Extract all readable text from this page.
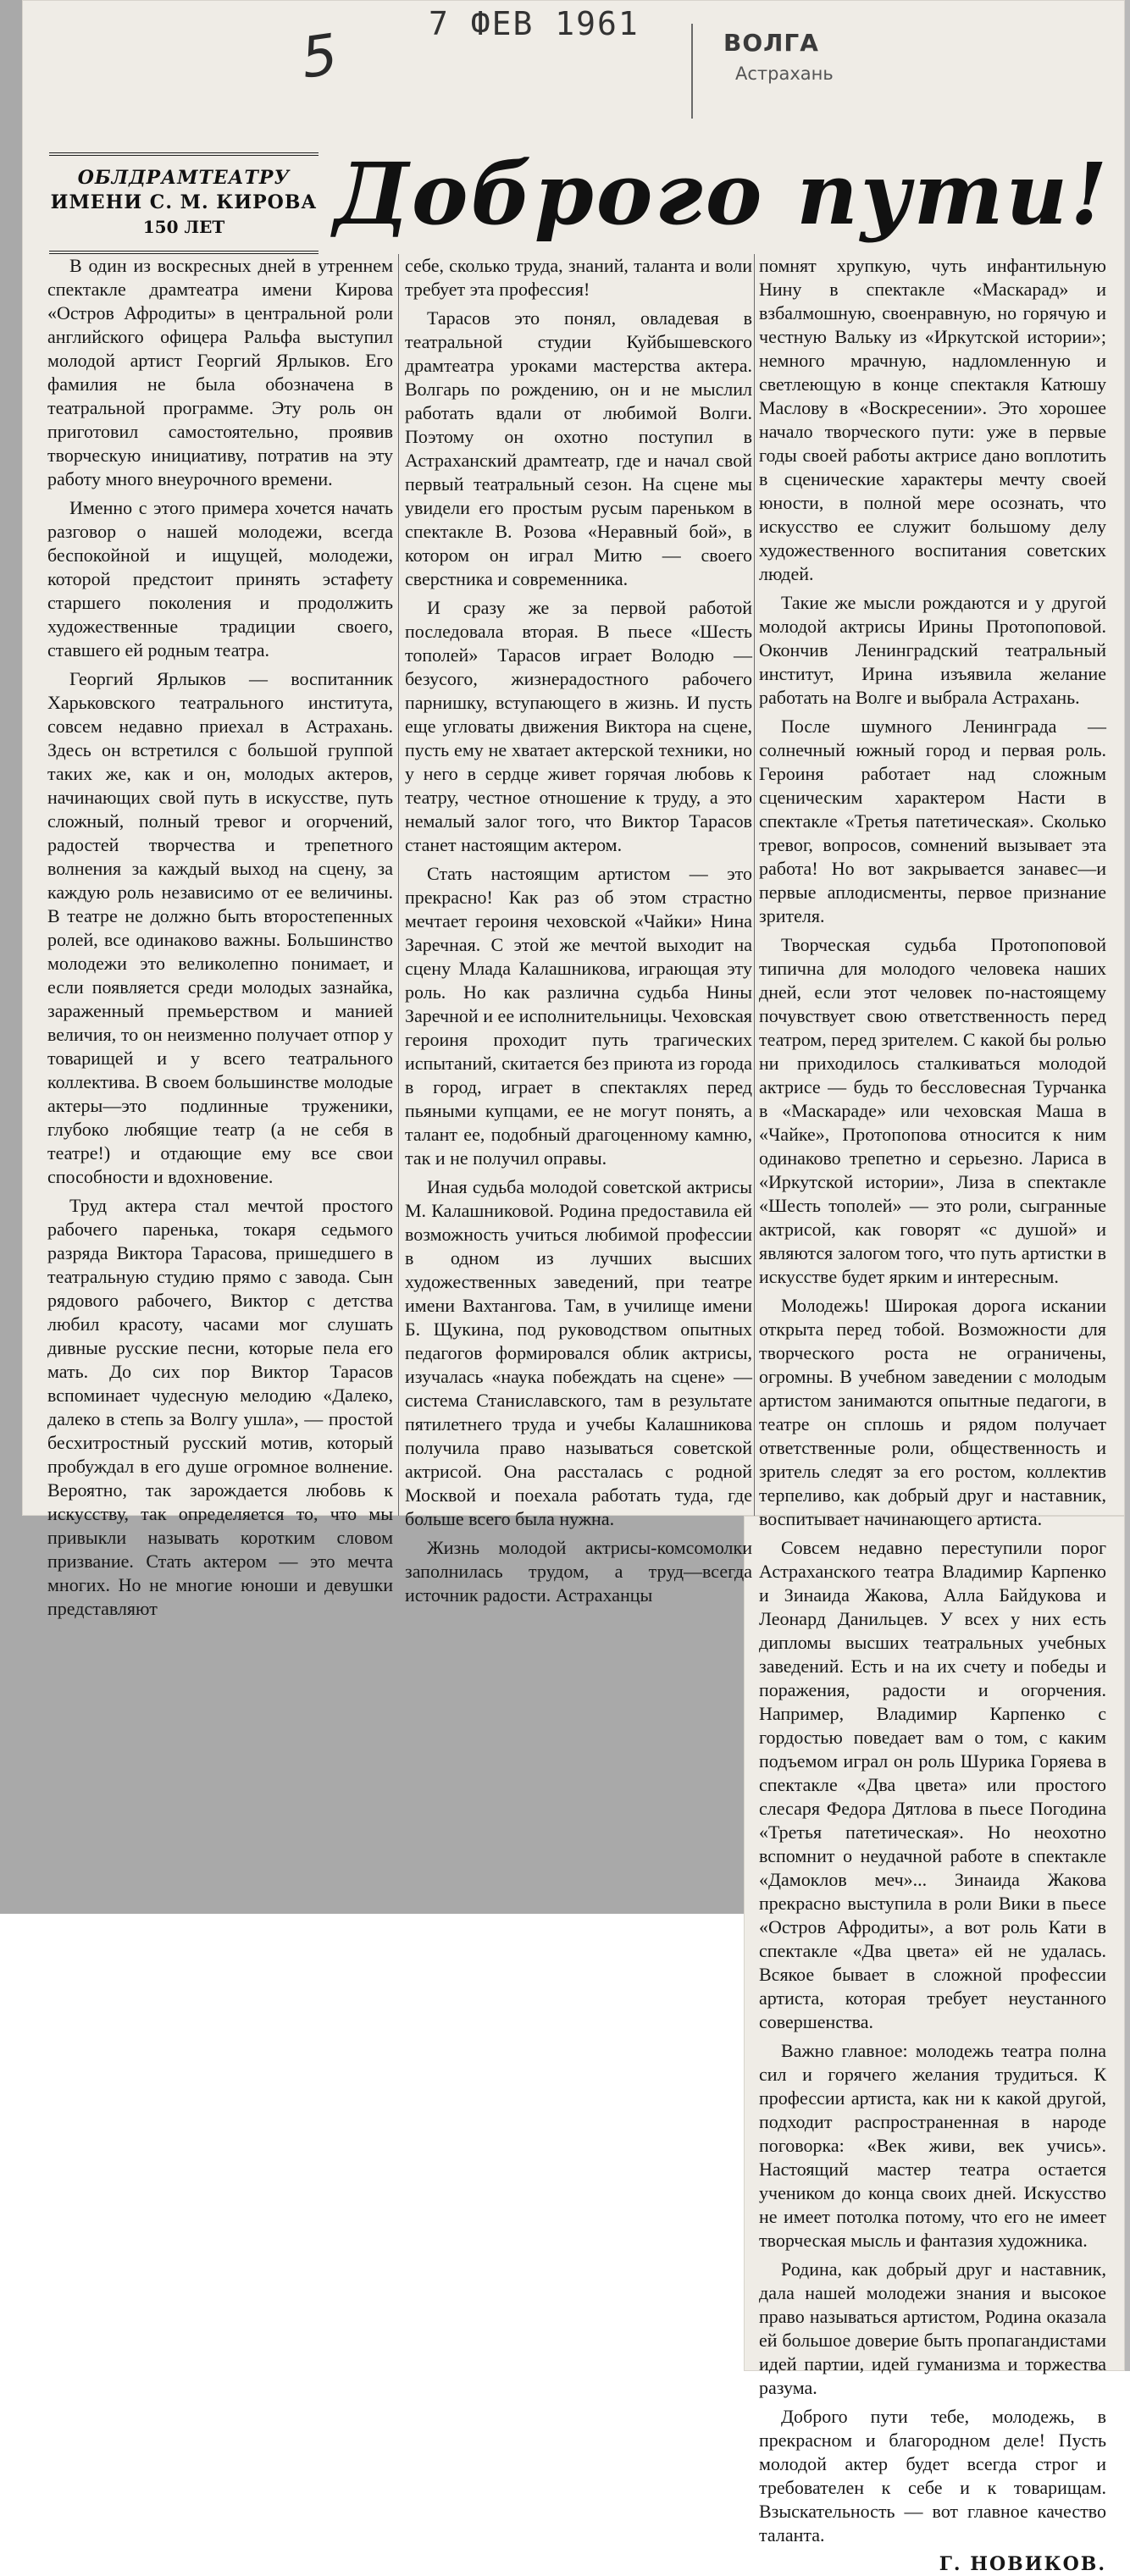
7 ФЕВ 1961
5	ВОЛГА
Астрахань
ОБЛДРАМТЕАТРУ
ИМЕНИ С. М. КИРОВА
150 ЛЕТ	Доброго пути!

В один из воскресных дней в утреннем спектакле драмтеатра имени Кирова «Остров Афродиты» в центральной роли английского офицера Ральфа выступил молодой артист Георгий Ярлыков. Его фамилия не была обозначена в театральной программе. Эту роль он приготовил самостоятельно, проявив творческую инициативу, потратив на эту работу много внеурочного времени.

Именно с этого примера хочется начать разговор о нашей молодежи, всегда беспокойной и ищущей, молодежи, которой предстоит принять эстафету старшего поколения и продолжить художественные традиции своего, ставшего ей родным театра.

Георгий Ярлыков — воспитанник Харьковского театрального института, совсем недавно приехал в Астрахань. Здесь он встретился с большой группой таких же, как и он, молодых актеров, начинающих свой путь в искусстве, путь сложный, полный тревог и огорчений, радостей творчества и трепетного волнения за каждый выход на сцену, за каждую роль независимо от ее величины. В театре не должно быть второстепенных ролей, все одинаково важны. Большинство молодежи это великолепно понимает, и если появляется среди молодых зазнайка, зараженный премьерством и манией величия, то он неизменно получает отпор у товарищей и у всего театрального коллектива. В своем большинстве молодые актеры—это подлинные труженики, глубоко любящие театр (а не себя в театре!) и отдающие ему все свои способности и вдохновение.

Труд актера стал мечтой простого рабочего паренька, токаря седьмого разряда Виктора Тарасова, пришедшего в театральную студию прямо с завода. Сын рядового рабочего, Виктор с детства любил красоту, часами мог слушать дивные русские песни, которые пела его мать. До сих пор Виктор Тарасов вспоминает чудесную мелодию «Далеко, далеко в степь за Волгу ушла», — простой бесхитростный русский мотив, который пробуждал в его душе огромное волнение. Вероятно, так зарождается любовь к искусству, так определяется то, что мы привыкли называть коротким словом призвание. Стать актером — это мечта многих. Но не многие юноши и девушки представляют

себе, сколько труда, знаний, таланта и воли требует эта профессия!

Тарасов это понял, овладевая в театральной студии Куйбышевского драмтеатра уроками мастерства актера. Волгарь по рождению, он и не мыслил работать вдали от любимой Волги. Поэтому он охотно поступил в Астраханский драмтеатр, где и начал свой первый театральный сезон. На сцене мы увидели его простым русым пареньком в спектакле В. Розова «Неравный бой», в котором он играл Митю — своего сверстника и современника.

И сразу же за первой работой последовала вторая. В пьесе «Шесть тополей» Тарасов играет Володю — безусого, жизнерадостного рабочего парнишку, вступающего в жизнь. И пусть еще угловаты движения Виктора на сцене, пусть ему не хватает актерской техники, но у него в сердце живет горячая любовь к театру, честное отношение к труду, а это немалый залог того, что Виктор Тарасов станет настоящим актером.

Стать настоящим артистом — это прекрасно! Как раз об этом страстно мечтает героиня чеховской «Чайки» Нина Заречная. С этой же мечтой выходит на сцену Млада Калашникова, играющая эту роль. Но как различна судьба Нины Заречной и ее исполнительницы. Чеховская героиня проходит путь трагических испытаний, скитается без приюта из города в город, играет в спектаклях перед пьяными купцами, ее не могут понять, а талант ее, подобный драгоценному камню, так и не получил оправы.

Иная судьба молодой советской актрисы М. Калашниковой. Родина предоставила ей возможность учиться любимой профессии в одном из лучших высших художественных заведений, при театре имени Вахтангова. Там, в училище имени Б. Щукина, под руководством опытных педагогов формировался облик актрисы, изучалась «наука побеждать на сцене» — система Станиславского, там в результате пятилетнего труда и учебы Калашникова получила право называться советской актрисой. Она рассталась с родной Москвой и поехала работать туда, где больше всего была нужна.

Жизнь молодой актрисы-комсомолки заполнилась трудом, а труд—всегда источник радости. Астраханцы

помнят хрупкую, чуть инфантильную Нину в спектакле «Маскарад» и взбалмошную, своенравную, но горячую и честную Вальку из «Иркутской истории»; немного мрачную, надломленную и светлеющую в конце спектакля Катюшу Маслову в «Воскресении». Это хорошее начало творческого пути: уже в первые годы своей работы актрисе дано воплотить в сценические характеры мечту своей юности, в полной мере осознать, что искусство ее служит большому делу художественного воспитания советских людей.

Такие же мысли рождаются и у другой молодой актрисы Ирины Протопоповой. Окончив Ленинградский театральный институт, Ирина изъявила желание работать на Волге и выбрала Астрахань.

После шумного Ленинграда — солнечный южный город и первая роль. Героиня работает над сложным сценическим характером Насти в спектакле «Третья патетическая». Сколько тревог, вопросов, сомнений вызывает эта работа! Но вот закрывается занавес—и первые аплодисменты, первое признание зрителя.

Творческая судьба Протопоповой типична для молодого человека наших дней, если этот человек по-настоящему почувствует свою ответственность перед театром, перед зрителем. С какой бы ролью ни приходилось сталкиваться молодой актрисе — будь то бессловесная Турчанка в «Маскараде» или чеховская Маша в «Чайке», Протопопова относится к ним одинаково трепетно и серьезно. Лариса в «Иркутской истории», Лиза в спектакле «Шесть тополей» — это роли, сыгранные актрисой, как говорят «с душой» и являются залогом того, что путь артистки в искусстве будет ярким и интересным.

Молодежь! Широкая дорога искании открыта перед тобой. Возможности для творческого роста не ограничены, огромны. В учебном заведении с молодым артистом занимаются опытные педагоги, в театре он сплошь и рядом получает ответственные роли, общественность и зритель следят за его ростом, коллектив терпеливо, как добрый друг и наставник, воспитывает начинающего артиста.

Совсем недавно переступили порог Астраханского театра Владимир Карпенко и Зинаида Жакова, Алла Байдукова и Леонард Данильцев. У всех у них есть дипломы высших театральных учебных заведений. Есть и на их счету и победы и поражения, радости и огорчения. Например, Владимир Карпенко с гордостью поведает вам о том, с каким подъемом играл он роль Шурика Горяева в спектакле «Два цвета» или простого слесаря Федора Дятлова в пьесе Погодина «Третья патетическая». Но неохотно вспомнит о неудачной работе в спектакле «Дамоклов меч»... Зинаида Жакова прекрасно выступила в роли Вики в пьесе «Остров Афродиты», а вот роль Кати в спектакле «Два цвета» ей не удалась. Всякое бывает в сложной профессии артиста, которая требует неустанного совершенства.

Важно главное: молодежь театра полна сил и горячего желания трудиться. К профессии артиста, как ни к какой другой, подходит распространенная в народе поговорка: «Век живи, век учись». Настоящий мастер театра остается учеником до конца своих дней. Искусство не имеет потолка потому, что его не имеет творческая мысль и фантазия художника.

Родина, как добрый друг и наставник, дала нашей молодежи знания и высокое право называться артистом, Родина оказала ей большое доверие быть пропагандистами идей партии, идей гуманизма и торжества разума.

Доброго пути тебе, молодежь, в прекрасном и благородном деле! Пусть молодой актер будет всегда строг и требователен к себе и к товарищам. Взыскательность — вот главное качество таланта.

Г. НОВИКОВ.
